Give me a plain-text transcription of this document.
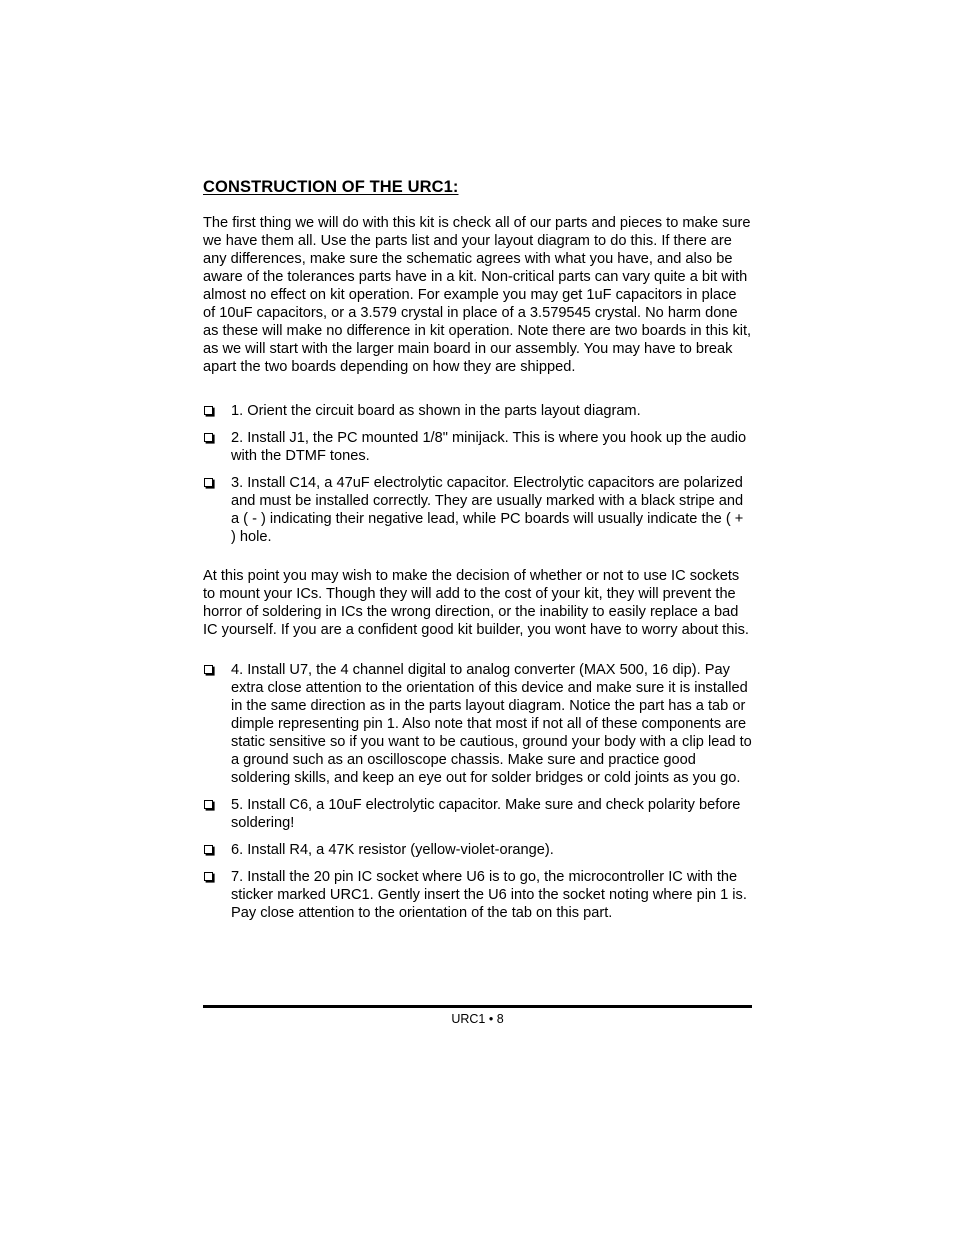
CONSTRUCTION OF THE URC1:

The first thing we will do with this kit is check all of our parts and pieces to make sure we have them all. Use the parts list and your layout diagram to do this. If there are any differences, make sure the schematic agrees with what you have, and also be aware of the tolerances parts have in a kit. Non-critical parts can vary quite a bit with almost no effect on kit operation. For example you may get 1uF capacitors in place of 10uF capacitors, or a 3.579 crystal in place of a 3.579545 crystal. No harm done as these will make no difference in kit operation. Note there are two boards in this kit, as we will start with the larger main board in our assembly. You may have to break apart the two boards depending on how they are shipped.

1. Orient the circuit board as shown in the parts layout diagram.
2. Install J1, the PC mounted 1/8" minijack. This is where you hook up the audio with the DTMF tones.
3. Install C14, a 47uF electrolytic capacitor. Electrolytic capacitors are polarized and must be installed correctly. They are usually marked with a black stripe and a ( - ) indicating their negative lead, while PC boards will usually indicate the ( + ) hole.

At this point you may wish to make the decision of whether or not to use IC sockets to mount your ICs. Though they will add to the cost of your kit, they will prevent the horror of soldering in ICs the wrong direction, or the inability to easily replace a bad IC yourself. If you are a confident good kit builder, you wont have to worry about this.

4. Install U7, the 4 channel digital to analog converter (MAX 500, 16 dip). Pay extra close attention to the orientation of this device and make sure it is installed in the same direction as in the parts layout diagram. Notice the part has a tab or dimple representing pin 1. Also note that most if not all of these components are static sensitive so if you want to be cautious, ground your body with a clip lead to a ground such as an oscilloscope chassis. Make sure and practice good soldering skills, and keep an eye out for solder bridges or cold joints as you go.
5. Install C6, a 10uF electrolytic capacitor. Make sure and check polarity before soldering!
6. Install R4, a 47K resistor (yellow-violet-orange).
7. Install the 20 pin IC socket where U6 is to go, the microcontroller IC with the sticker marked URC1. Gently insert the U6 into the socket noting where pin 1 is. Pay close attention to the orientation of the tab on this part.
URC1 • 8
